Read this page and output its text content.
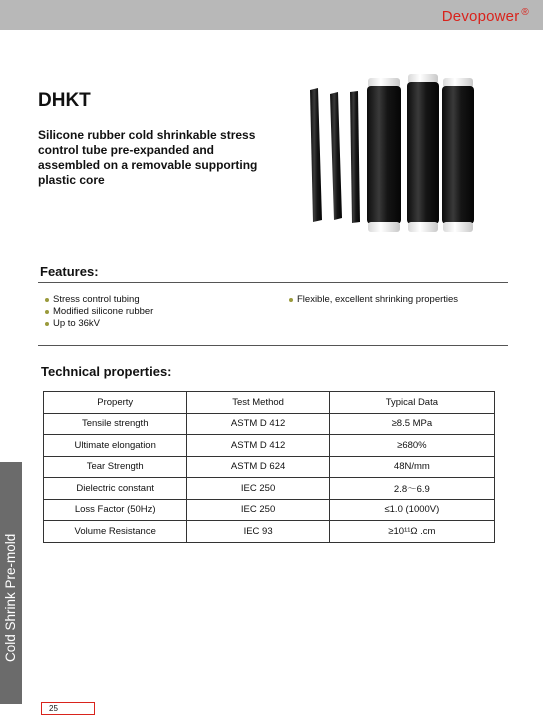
Devopower ®
DHKT
Silicone rubber cold shrinkable stress control tube pre-expanded and assembled on a removable supporting plastic core
Features:
Stress control tubing
Modified silicone rubber
Up to 36kV
Flexible, excellent shrinking properties
Technical properties:
Property	Test Method	Typical Data
Tensile strength	ASTM D 412	≥8.5 MPa
Ultimate elongation	ASTM D 412	≥680%
Tear Strength	ASTM D 624	48N/mm
Dielectric constant	IEC 250	2.8～6.9
Loss Factor (50Hz)	IEC 250	≤1.0 (1000V)
Volume Resistance	IEC 93	≥10¹¹Ω .cm
Cold Shrink Pre-mold
25
